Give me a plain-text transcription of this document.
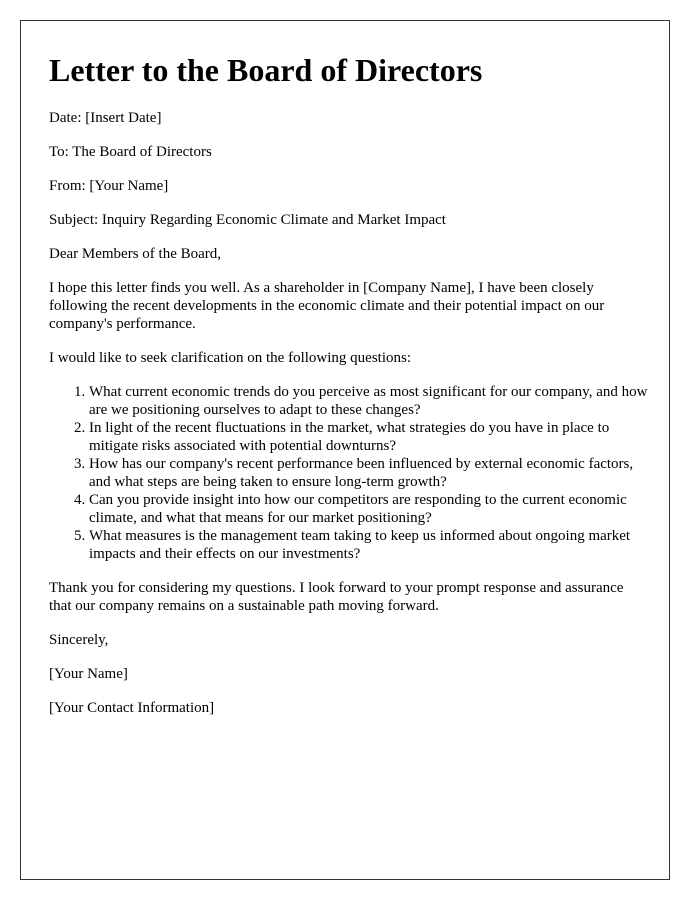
Letter to the Board of Directors

Date: [Insert Date]

To: The Board of Directors

From: [Your Name]

Subject: Inquiry Regarding Economic Climate and Market Impact

Dear Members of the Board,

I hope this letter finds you well. As a shareholder in [Company Name], I have been closely following the recent developments in the economic climate and their potential impact on our company's performance.

I would like to seek clarification on the following questions:

1. What current economic trends do you perceive as most significant for our company, and how are we positioning ourselves to adapt to these changes?
2. In light of the recent fluctuations in the market, what strategies do you have in place to mitigate risks associated with potential downturns?
3. How has our company's recent performance been influenced by external economic factors, and what steps are being taken to ensure long-term growth?
4. Can you provide insight into how our competitors are responding to the current economic climate, and what that means for our market positioning?
5. What measures is the management team taking to keep us informed about ongoing market impacts and their effects on our investments?

Thank you for considering my questions. I look forward to your prompt response and assurance that our company remains on a sustainable path moving forward.

Sincerely,

[Your Name]

[Your Contact Information]
